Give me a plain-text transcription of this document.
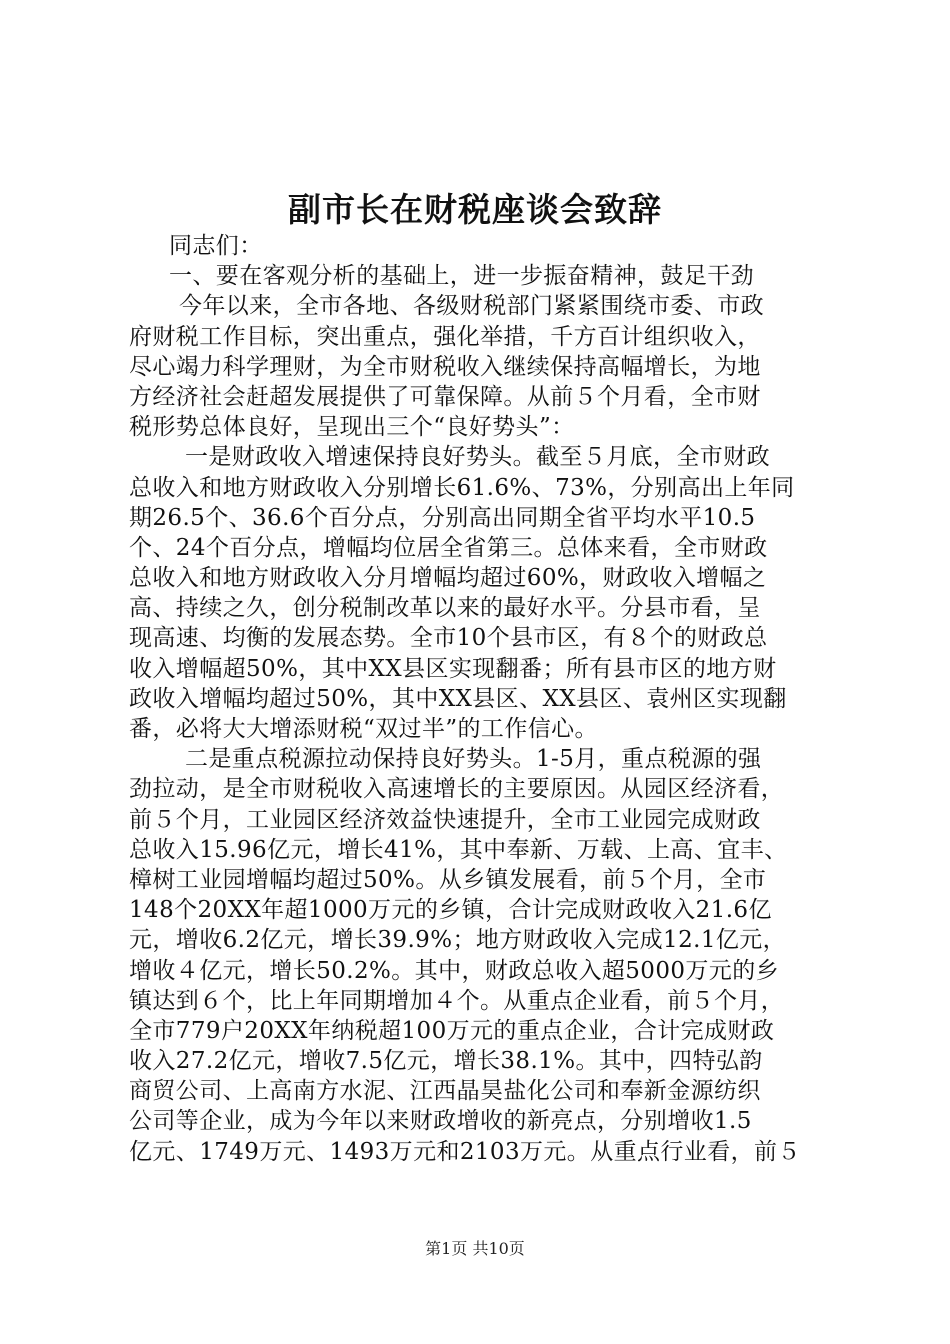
副市长在财税座谈会致辞
同志们：
一、要在客观分析的基础上，进一步振奋精神，鼓足干劲
今年以来，全市各地、各级财税部门紧紧围绕市委、市政
府财税工作目标，突出重点，强化举措，千方百计组织收入，
尽心竭力科学理财，为全市财税收入继续保持高幅增长，为地
方经济社会赶超发展提供了可靠保障。从前５个月看，全市财
税形势总体良好，呈现出三个“良好势头”：
一是财政收入增速保持良好势头。截至５月底，全市财政
总收入和地方财政收入分别增长61.6%、73%，分别高出上年同
期26.5个、36.6个百分点，分别高出同期全省平均水平10.5
个、24个百分点，增幅均位居全省第三。总体来看，全市财政
总收入和地方财政收入分月增幅均超过60%，财政收入增幅之
高、持续之久，创分税制改革以来的最好水平。分县市看，呈
现高速、均衡的发展态势。全市10个县市区，有８个的财政总
收入增幅超50%，其中XX县区实现翻番；所有县市区的地方财
政收入增幅均超过50%，其中XX县区、XX县区、袁州区实现翻
番，必将大大增添财税“双过半”的工作信心。
二是重点税源拉动保持良好势头。1-5月，重点税源的强
劲拉动，是全市财税收入高速增长的主要原因。从园区经济看，
前５个月，工业园区经济效益快速提升，全市工业园完成财政
总收入15.96亿元，增长41%，其中奉新、万载、上高、宜丰、
樟树工业园增幅均超过50%。从乡镇发展看，前５个月，全市
148个20XX年超1000万元的乡镇，合计完成财政收入21.6亿
元，增收6.2亿元，增长39.9%；地方财政收入完成12.1亿元，
增收４亿元，增长50.2%。其中，财政总收入超5000万元的乡
镇达到６个，比上年同期增加４个。从重点企业看，前５个月，
全市779户20XX年纳税超100万元的重点企业，合计完成财政
收入27.2亿元，增收7.5亿元，增长38.1%。其中，四特弘韵
商贸公司、上高南方水泥、江西晶昊盐化公司和奉新金源纺织
公司等企业，成为今年以来财政增收的新亮点，分别增收1.5
亿元、1749万元、1493万元和2103万元。从重点行业看，前５
第1页 共10页
